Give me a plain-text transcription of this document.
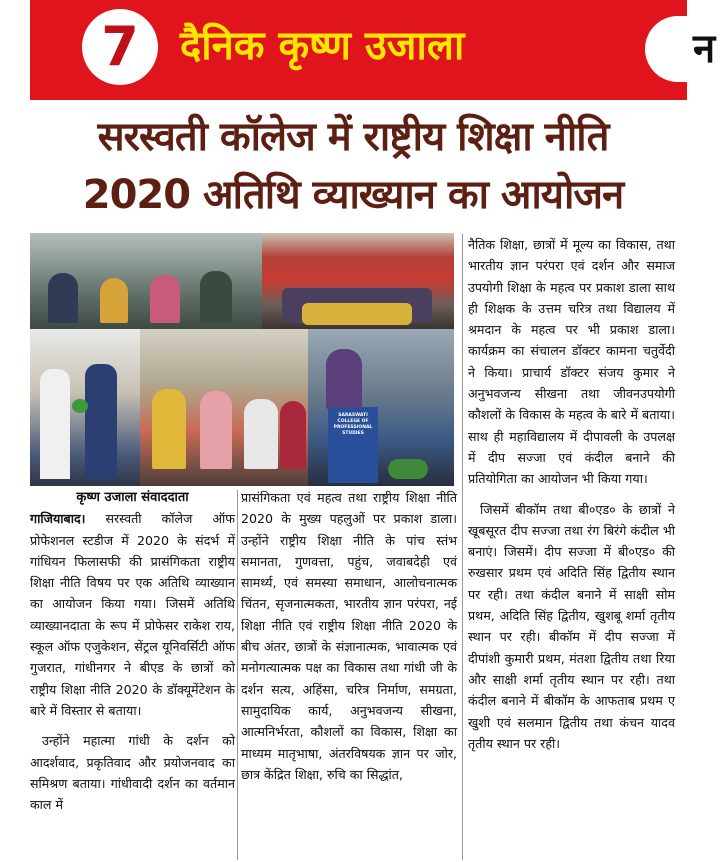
7	दैनिक कृष्ण उजाला	न
सरस्वती कॉलेज में राष्ट्रीय शिक्षा नीति
2020 अतिथि व्याख्यान का आयोजन
SARASWATI COLLEGE OF PROFESSIONAL STUDIES
कृष्ण उजाला संवाददाता
गाजियाबाद। सरस्वती कॉलेज ऑफ प्रोफेशनल स्टडीज में 2020 के संदर्भ में गांधियन फिलासफी की प्रासंगिकता राष्ट्रीय शिक्षा नीति विषय पर एक अतिथि व्याख्यान का आयोजन किया गया। जिसमें अतिथि व्याख्यानदाता के रूप में प्रोफेसर राकेश राय, स्कूल ऑफ एजुकेशन, सेंट्रल यूनिवर्सिटी ऑफ गुजरात, गांधीनगर ने बीएड के छात्रों को राष्ट्रीय शिक्षा नीति 2020 के डॉक्यूमेंटेशन के बारे में विस्तार से बताया।
उन्होंने महात्मा गांधी के दर्शन को आदर्शवाद, प्रकृतिवाद और प्रयोजनवाद का समिश्रण बताया। गांधीवादी दर्शन का वर्तमान काल में
प्रासंगिकता एवं महत्व तथा राष्ट्रीय शिक्षा नीति 2020 के मुख्य पहलुओं पर प्रकाश डाला। उन्होंने राष्ट्रीय शिक्षा नीति के पांच स्तंभ समानता, गुणवत्ता, पहुंच, जवाबदेही एवं सामर्थ्य, एवं समस्या समाधान, आलोचनात्मक चिंतन, सृजनात्मकता, भारतीय ज्ञान परंपरा, नई शिक्षा नीति एवं राष्ट्रीय शिक्षा नीति 2020 के बीच अंतर, छात्रों के संज्ञानात्मक, भावात्मक एवं मनोगत्यात्मक पक्ष का विकास तथा गांधी जी के दर्शन सत्य, अहिंसा, चरित्र निर्माण, समग्रता, सामुदायिक कार्य, अनुभवजन्य सीखना, आत्मनिर्भरता, कौशलों का विकास, शिक्षा का माध्यम मातृभाषा, अंतरविषयक ज्ञान पर जोर, छात्र केंद्रित शिक्षा, रुचि का सिद्धांत,
नैतिक शिक्षा, छात्रों में मूल्य का विकास, तथा भारतीय ज्ञान परंपरा एवं दर्शन और समाज उपयोगी शिक्षा के महत्व पर प्रकाश डाला साथ ही शिक्षक के उत्तम चरित्र तथा विद्यालय में श्रमदान के महत्व पर भी प्रकाश डाला। कार्यक्रम का संचालन डॉक्टर कामना चतुर्वेदी ने किया। प्राचार्य डॉक्टर संजय कुमार ने अनुभवजन्य सीखना तथा जीवनउपयोगी कौशलों के विकास के महत्व के बारे में बताया। साथ ही महाविद्यालय में दीपावली के उपलक्ष में दीप सज्जा एवं कंदील बनाने की प्रतियोगिता का आयोजन भी किया गया।
जिसमें बीकॉम तथा बी०एड० के छात्रों ने खूबसूरत दीप सज्जा तथा रंग बिरंगे कंदील भी बनाएं। जिसमें। दीप सज्जा में बी०एड० की रुखसार प्रथम एवं अदिति सिंह द्वितीय स्थान पर रही। तथा कंदील बनाने में साक्षी सोम प्रथम, अदिति सिंह द्वितीय, खुशबू शर्मा तृतीय स्थान पर रही। बीकॉम में दीप सज्जा में दीपांशी कुमारी प्रथम, मंतशा द्वितीय तथा रिया और साक्षी शर्मा तृतीय स्थान पर रही। तथा कंदील बनाने में बीकॉम के आफताब प्रथम ए खुशी एवं सलमान द्वितीय तथा कंचन यादव तृतीय स्थान पर रही।
